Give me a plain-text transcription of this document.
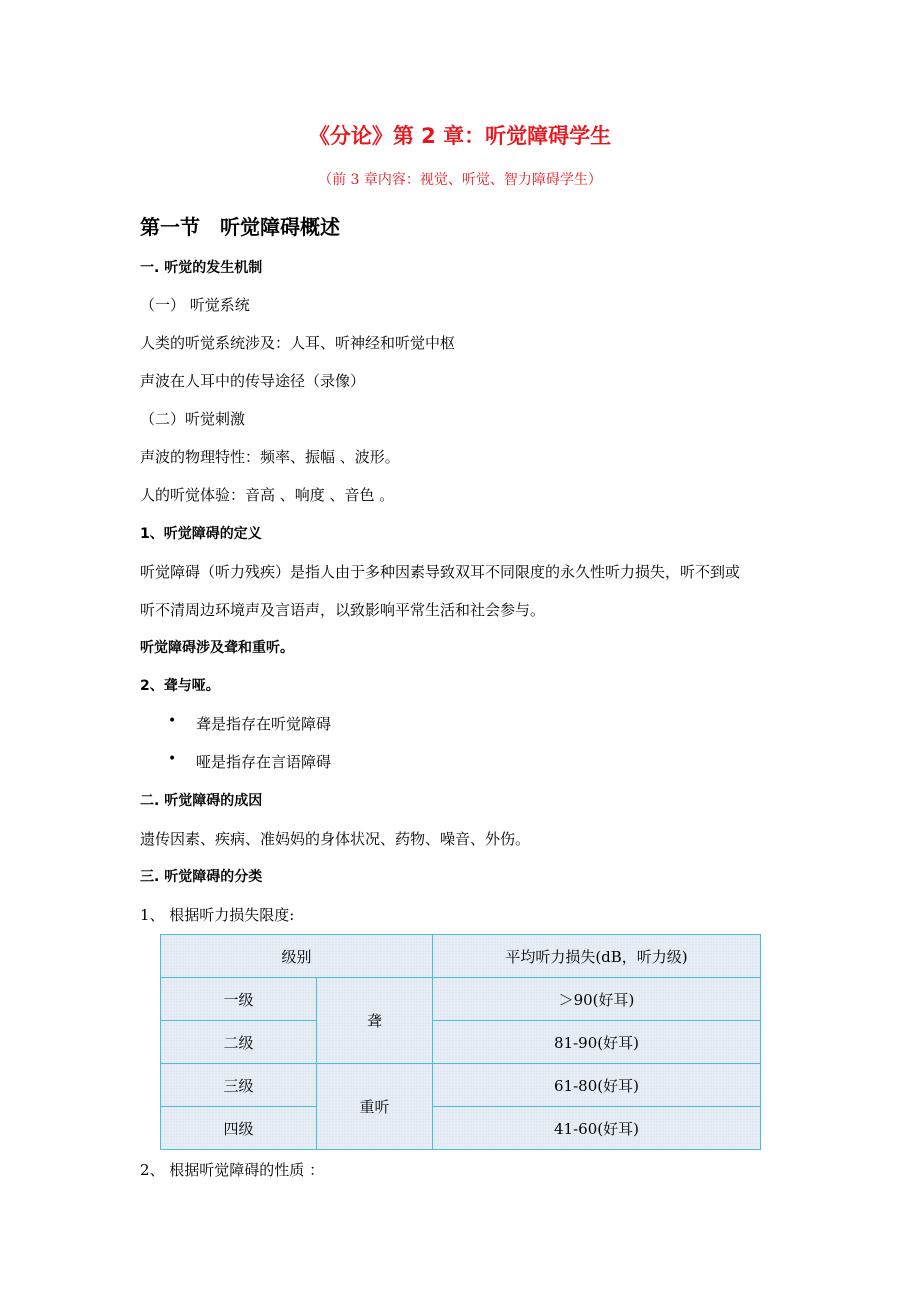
《分论》第 2 章：听觉障碍学生
（前 3 章内容：视觉、听觉、智力障碍学生）
第一节　听觉障碍概述
一. 听觉的发生机制
（一） 听觉系统
人类的听觉系统涉及：人耳、听神经和听觉中枢
声波在人耳中的传导途径（录像）
（二）听觉刺激
声波的物理特性：频率、振幅 、波形。
人的听觉体验：音高 、响度 、音色 。
1、听觉障碍的定义
听觉障碍（听力残疾）是指人由于多种因素导致双耳不同限度的永久性听力损失，听不到或
听不清周边环境声及言语声，以致影响平常生活和社会参与。
听觉障碍涉及聋和重听。
2、聋与哑。
• 聋是指存在听觉障碍
• 哑是指存在言语障碍
二. 听觉障碍的成因
遗传因素、疾病、准妈妈的身体状况、药物、噪音、外伤。
三. 听觉障碍的分类
1、 根据听力损失限度:
级别		平均听力损失(dB，听力级)
一级	聋	＞90(好耳)
二级		81-90(好耳)
三级	重听	61-80(好耳)
四级		41-60(好耳)
2、 根据听觉障碍的性质 ：
